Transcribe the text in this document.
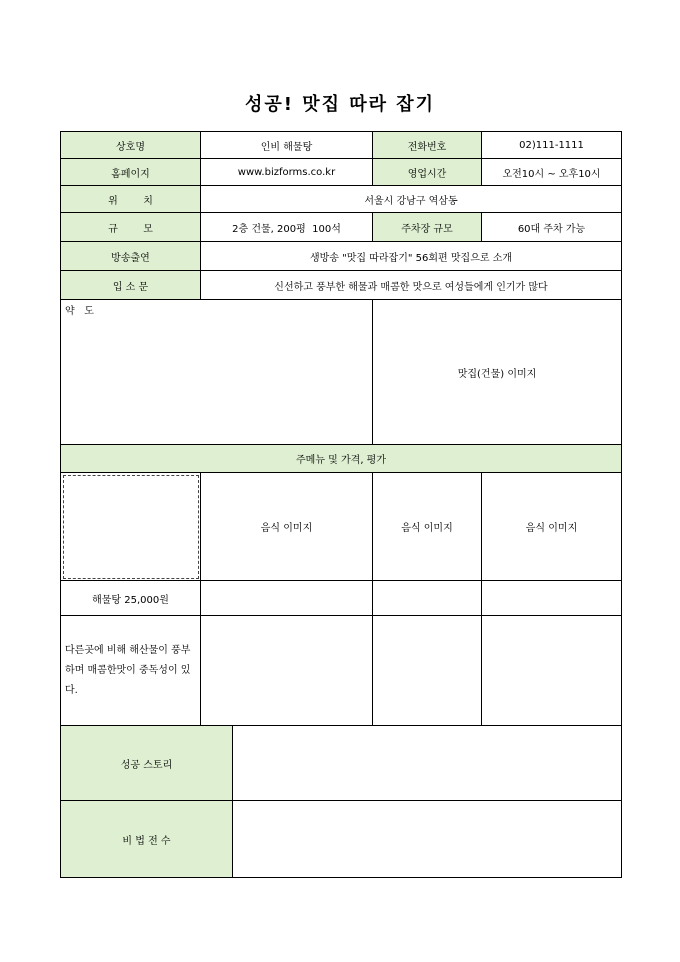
성공! 맛집 따라 잡기
상호명	인비 해물탕		전화번호	02)111-1111
홈페이지	www.bizforms.co.kr		영업시간	오전10시 ~ 오후10시
위        치	서울시 강남구 역삼동			
규        모	2층 건물, 200평  100석		주차장 규모	60대 주차 가능
방송출연	생방송 "맛집 따라잡기" 56회편 맛집으로 소개			
입 소 문	신선하고 풍부한 해물과 매콤한 맛으로 여성들에게 인기가 많다			
약   도			맛집(건물) 이미지	
주메뉴 및 가격, 평가				

	음식 이미지		음식 이미지	음식 이미지
해물탕 25,000원				
다른곳에 비해 해산물이 풍부하며 매콤한맛이 중독성이 있다.				
성공 스토리				
비 법 전 수				
